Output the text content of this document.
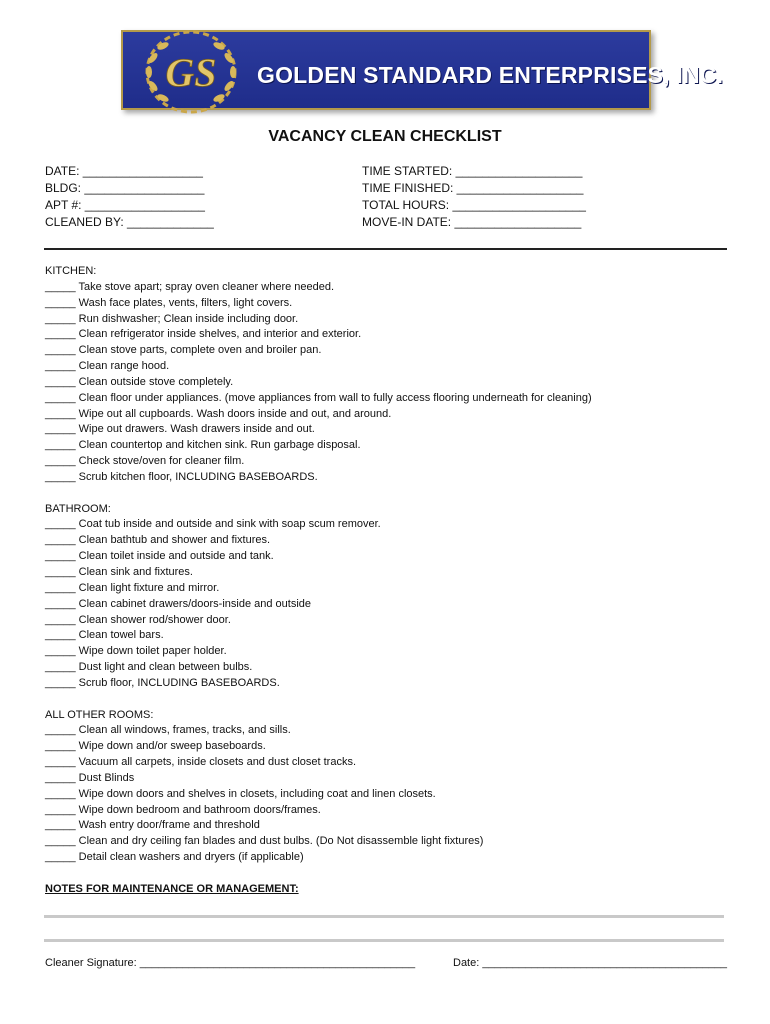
GS GOLDEN STANDARD ENTERPRISES, INC.
VACANCY CLEAN CHECKLIST
DATE: __________________
BLDG: __________________
APT #: __________________
CLEANED BY: _____________
TIME STARTED: ___________________
TIME FINISHED: ___________________
TOTAL HOURS: ____________________
MOVE-IN DATE: ___________________
KITCHEN:
_____ Take stove apart; spray oven cleaner where needed.
_____ Wash face plates, vents, filters, light covers.
_____ Run dishwasher; Clean inside including door.
_____ Clean refrigerator inside shelves, and interior and exterior.
_____ Clean stove parts, complete oven and broiler pan.
_____ Clean range hood.
_____ Clean outside stove completely.
_____ Clean floor under appliances. (move appliances from wall to fully access flooring underneath for cleaning)
_____ Wipe out all cupboards. Wash doors inside and out, and around.
_____ Wipe out drawers. Wash drawers inside and out.
_____ Clean countertop and kitchen sink. Run garbage disposal.
_____ Check stove/oven for cleaner film.
_____ Scrub kitchen floor, INCLUDING BASEBOARDS.
BATHROOM:
_____ Coat tub inside and outside and sink with soap scum remover.
_____ Clean bathtub and shower and fixtures.
_____ Clean toilet inside and outside and tank.
_____ Clean sink and fixtures.
_____ Clean light fixture and mirror.
_____ Clean cabinet drawers/doors-inside and outside
_____ Clean shower rod/shower door.
_____ Clean towel bars.
_____ Wipe down toilet paper holder.
_____ Dust light and clean between bulbs.
_____ Scrub floor, INCLUDING BASEBOARDS.
ALL OTHER ROOMS:
_____ Clean all windows, frames, tracks, and sills.
_____ Wipe down and/or sweep baseboards.
_____ Vacuum all carpets, inside closets and dust closet tracks.
_____ Dust Blinds
_____ Wipe down doors and shelves in closets, including coat and linen closets.
_____ Wipe down bedroom and bathroom doors/frames.
_____ Wash entry door/frame and threshold
_____ Clean and dry ceiling fan blades and dust bulbs. (Do Not disassemble light fixtures)
_____ Detail clean washers and dryers (if applicable)
NOTES FOR MAINTENANCE OR MANAGEMENT:
Cleaner Signature: _____________________________________________	Date: ________________________________________
